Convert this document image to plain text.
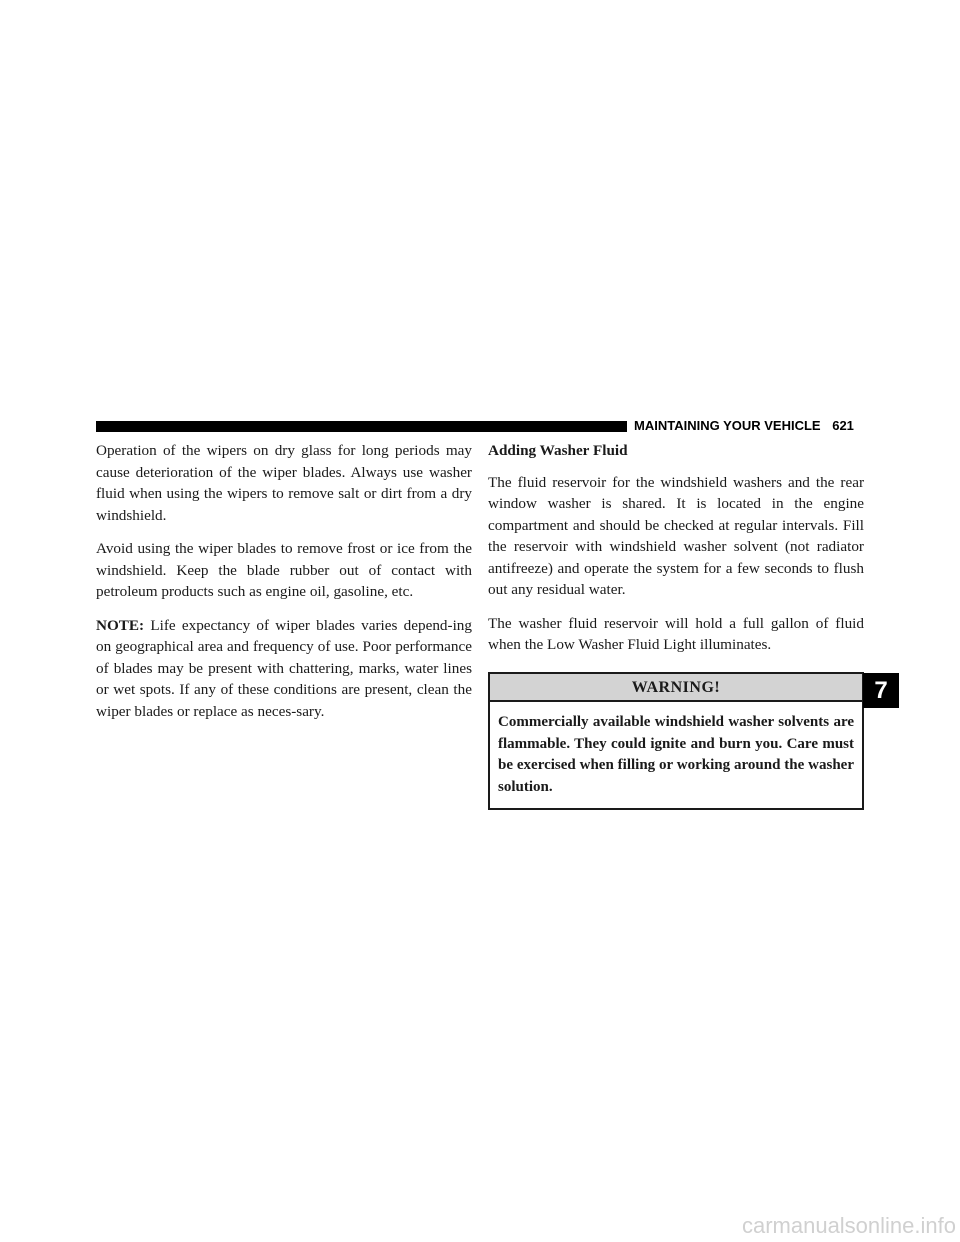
MAINTAINING YOUR VEHICLE 621

Operation of the wipers on dry glass for long periods may cause deterioration of the wiper blades. Always use washer fluid when using the wipers to remove salt or dirt from a dry windshield.

Avoid using the wiper blades to remove frost or ice from the windshield. Keep the blade rubber out of contact with petroleum products such as engine oil, gasoline, etc.

NOTE: Life expectancy of wiper blades varies depend-ing on geographical area and frequency of use. Poor performance of blades may be present with chattering, marks, water lines or wet spots. If any of these conditions are present, clean the wiper blades or replace as neces-sary.

Adding Washer Fluid

The fluid reservoir for the windshield washers and the rear window washer is shared. It is located in the engine compartment and should be checked at regular intervals. Fill the reservoir with windshield washer solvent (not radiator antifreeze) and operate the system for a few seconds to flush out any residual water.

The washer fluid reservoir will hold a full gallon of fluid when the Low Washer Fluid Light illuminates.

WARNING!
Commercially available windshield washer solvents are flammable. They could ignite and burn you. Care must be exercised when filling or working around the washer solution.
7
carmanualsonline.info
